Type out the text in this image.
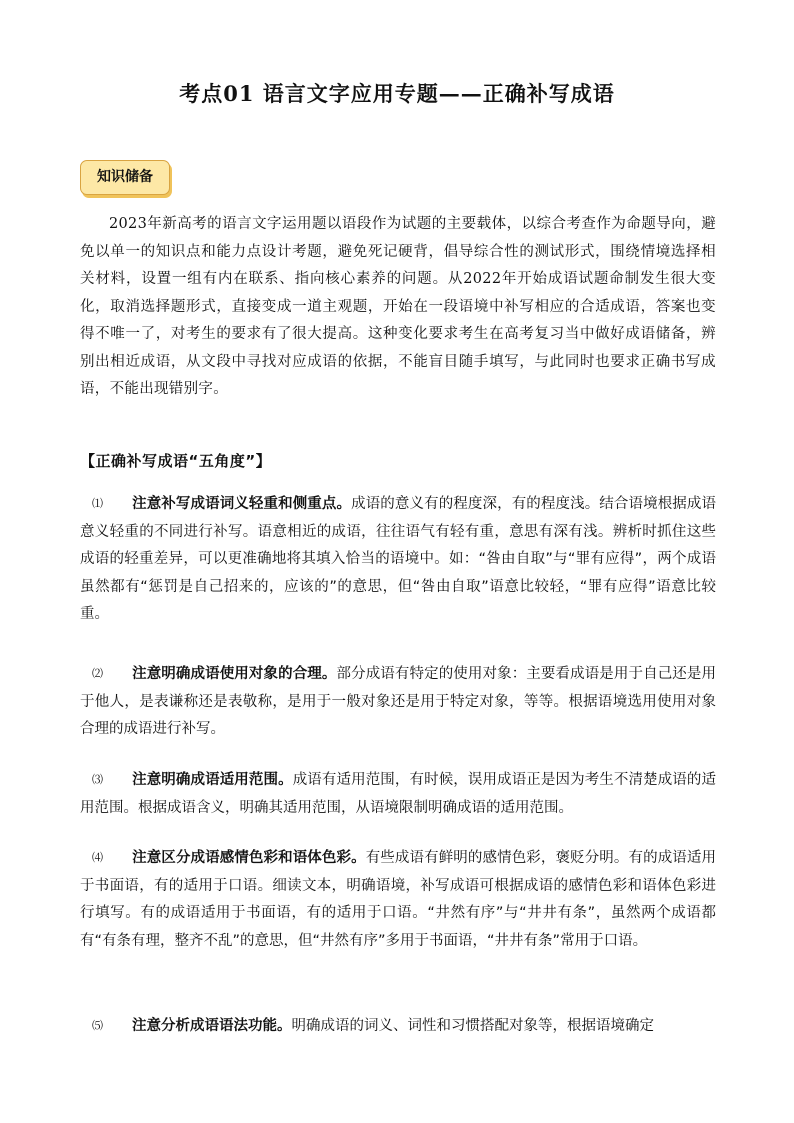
考点01 语言文字应用专题——正确补写成语
知识储备

2023年新高考的语言文字运用题以语段作为试题的主要载体，以综合考查作为命题导向，避免以单一的知识点和能力点设计考题，避免死记硬背，倡导综合性的测试形式，围绕情境选择相关材料，设置一组有内在联系、指向核心素养的问题。从2022年开始成语试题命制发生很大变化，取消选择题形式，直接变成一道主观题，开始在一段语境中补写相应的合适成语，答案也变得不唯一了，对考生的要求有了很大提高。这种变化要求考生在高考复习当中做好成语储备，辨别出相近成语，从文段中寻找对应成语的依据，不能盲目随手填写，与此同时也要求正确书写成语，不能出现错别字。

【正确补写成语“五角度”】

⑴ 注意补写成语词义轻重和侧重点。成语的意义有的程度深，有的程度浅。结合语境根据成语意义轻重的不同进行补写。语意相近的成语，往往语气有轻有重，意思有深有浅。辨析时抓住这些成语的轻重差异，可以更准确地将其填入恰当的语境中。如：“咎由自取”与“罪有应得”，两个成语虽然都有“惩罚是自己招来的，应该的”的意思，但“咎由自取”语意比较轻，“罪有应得”语意比较重。

⑵ 注意明确成语使用对象的合理。部分成语有特定的使用对象：主要看成语是用于自己还是用于他人，是表谦称还是表敬称，是用于一般对象还是用于特定对象，等等。根据语境选用使用对象合理的成语进行补写。

⑶ 注意明确成语适用范围。成语有适用范围，有时候，误用成语正是因为考生不清楚成语的适用范围。根据成语含义，明确其适用范围，从语境限制明确成语的适用范围。

⑷ 注意区分成语感情色彩和语体色彩。有些成语有鲜明的感情色彩，褒贬分明。有的成语适用于书面语，有的适用于口语。细读文本，明确语境，补写成语可根据成语的感情色彩和语体色彩进行填写。有的成语适用于书面语，有的适用于口语。“井然有序”与“井井有条”，虽然两个成语都有“有条有理，整齐不乱”的意思，但“井然有序”多用于书面语，“井井有条”常用于口语。

⑸ 注意分析成语语法功能。明确成语的词义、词性和习惯搭配对象等，根据语境确定
